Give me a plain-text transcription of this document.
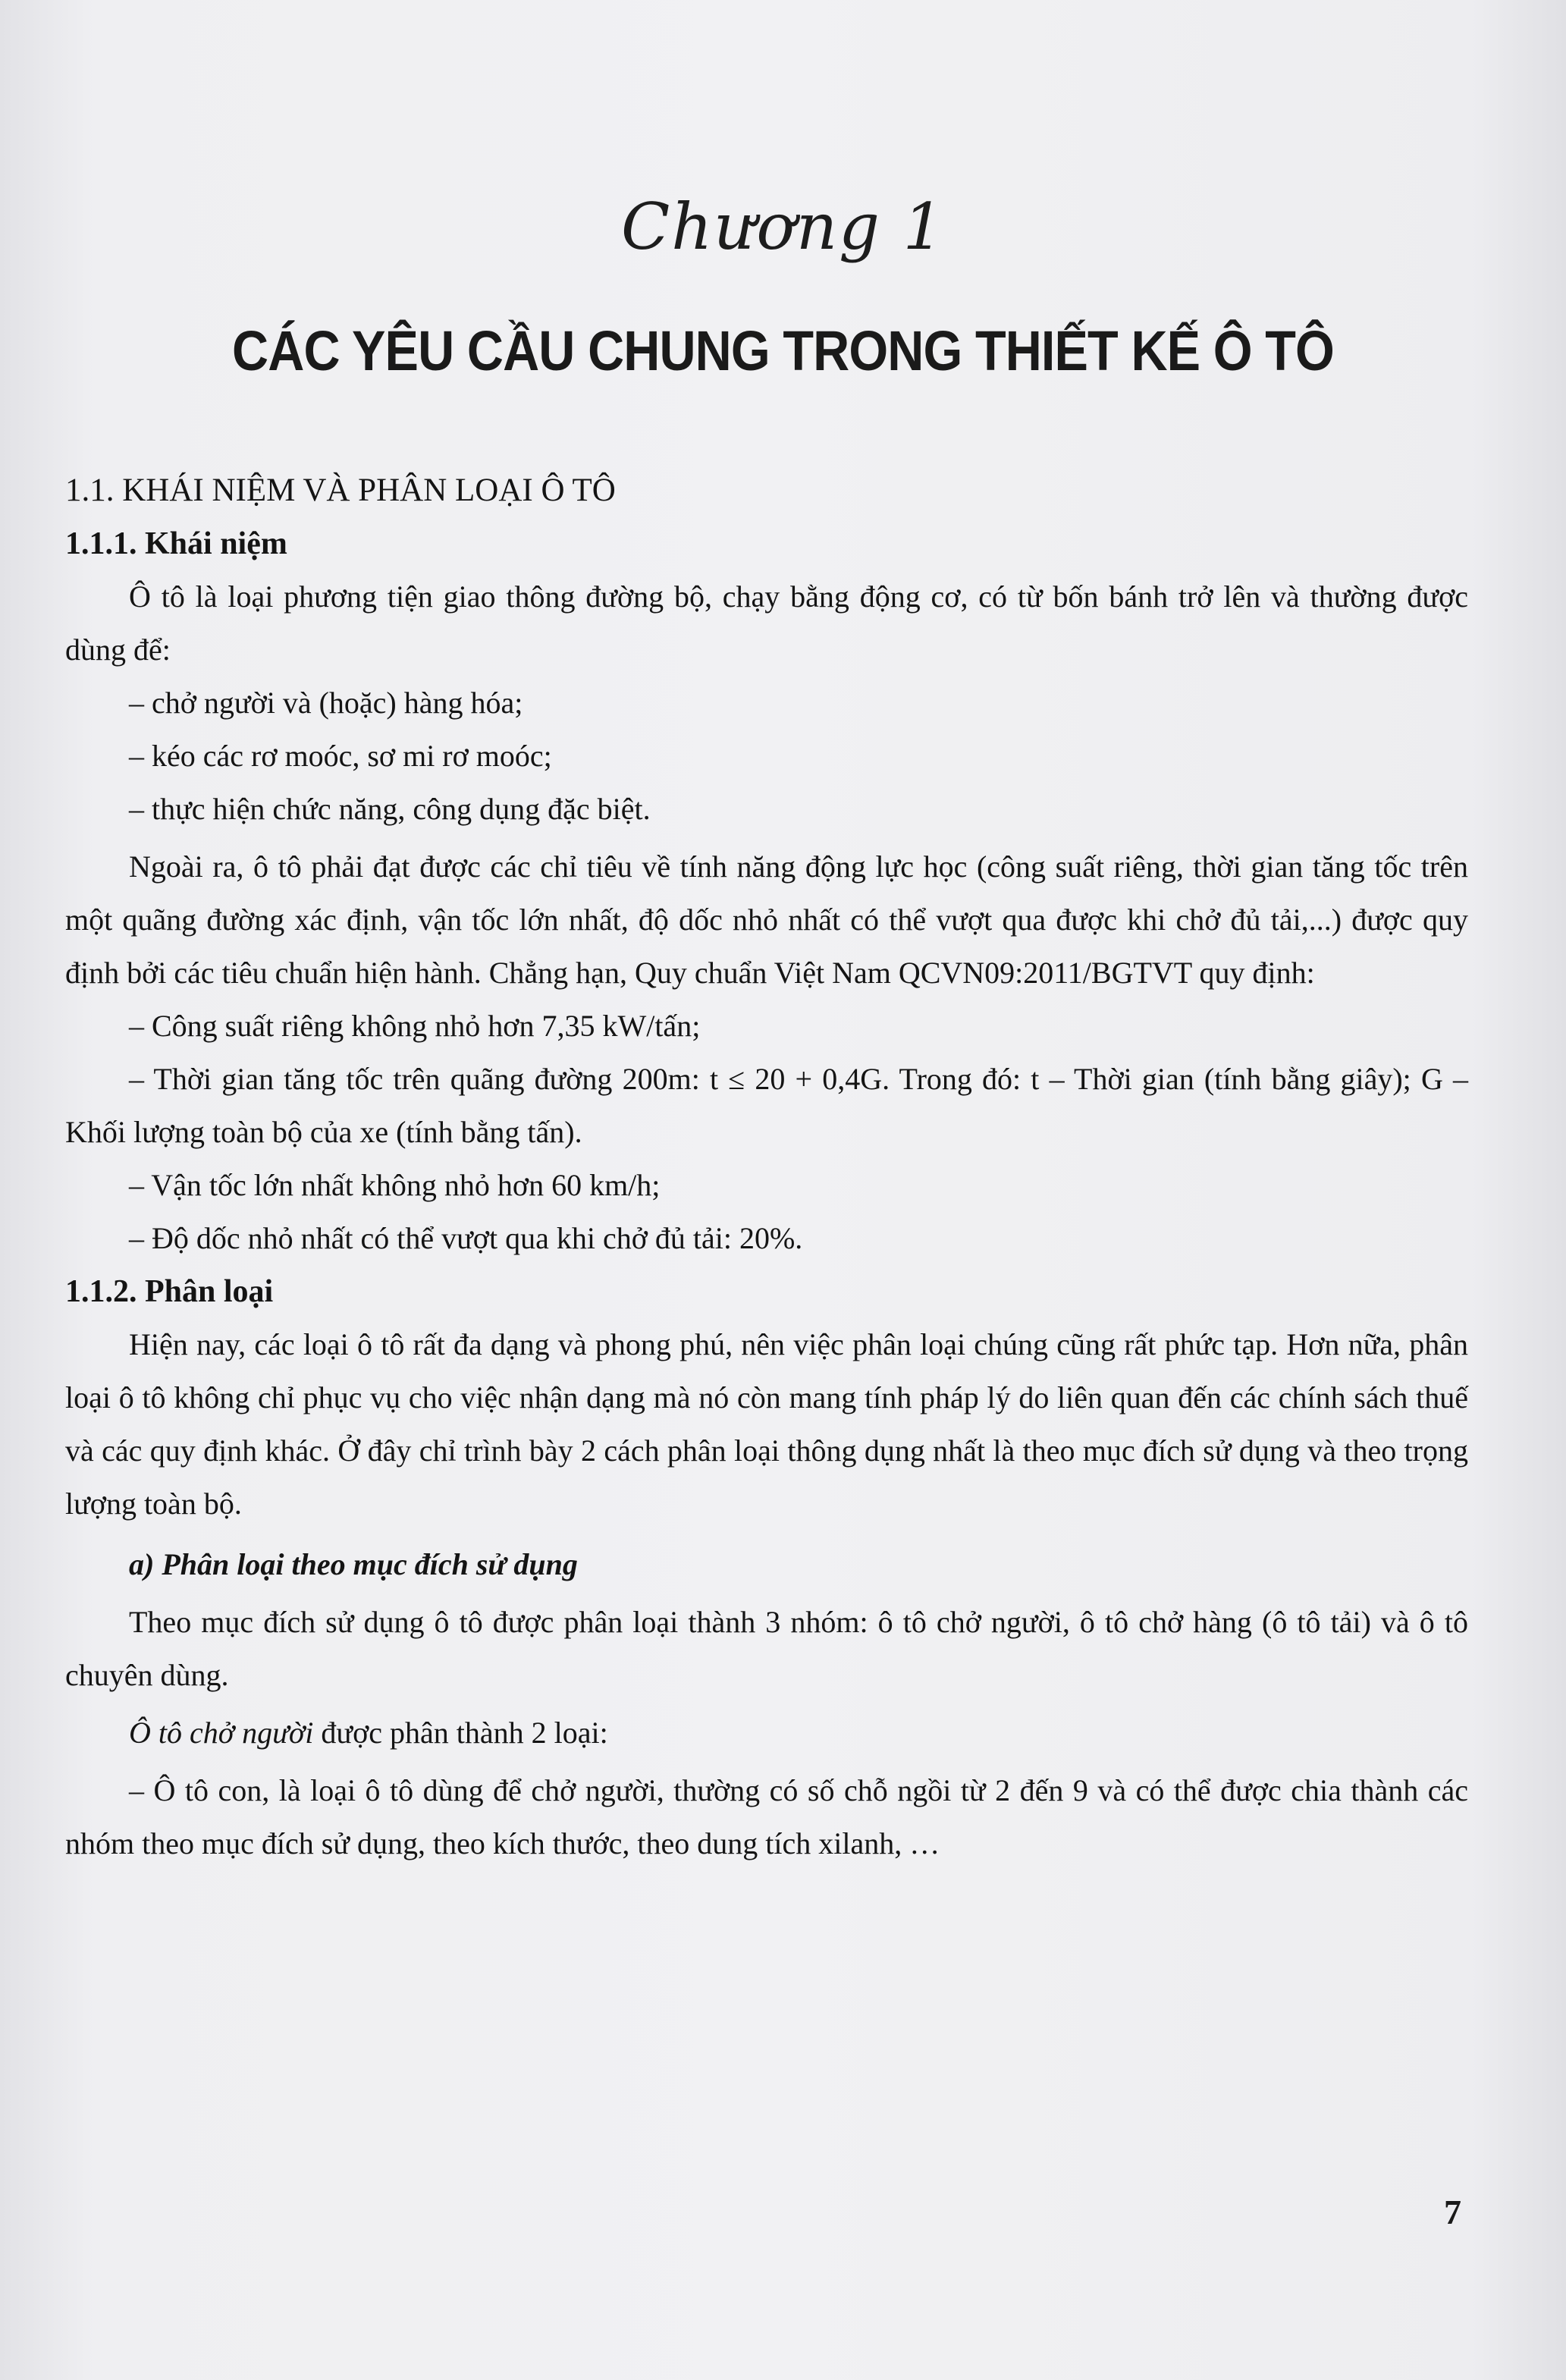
Chương 1
CÁC YÊU CẦU CHUNG TRONG THIẾT KẾ Ô TÔ

1.1. KHÁI NIỆM VÀ PHÂN LOẠI Ô TÔ

1.1.1. Khái niệm

Ô tô là loại phương tiện giao thông đường bộ, chạy bằng động cơ, có từ bốn bánh trở lên và thường được dùng để:

– chở người và (hoặc) hàng hóa;

– kéo các rơ moóc, sơ mi rơ moóc;

– thực hiện chức năng, công dụng đặc biệt.

Ngoài ra, ô tô phải đạt được các chỉ tiêu về tính năng động lực học (công suất riêng, thời gian tăng tốc trên một quãng đường xác định, vận tốc lớn nhất, độ dốc nhỏ nhất có thể vượt qua được khi chở đủ tải,...) được quy định bởi các tiêu chuẩn hiện hành. Chẳng hạn, Quy chuẩn Việt Nam QCVN09:2011/BGTVT quy định:

– Công suất riêng không nhỏ hơn 7,35 kW/tấn;

– Thời gian tăng tốc trên quãng đường 200m: t ≤ 20 + 0,4G. Trong đó: t – Thời gian (tính bằng giây); G – Khối lượng toàn bộ của xe (tính bằng tấn).

– Vận tốc lớn nhất không nhỏ hơn 60 km/h;

– Độ dốc nhỏ nhất có thể vượt qua khi chở đủ tải: 20%.

1.1.2. Phân loại

Hiện nay, các loại ô tô rất đa dạng và phong phú, nên việc phân loại chúng cũng rất phức tạp. Hơn nữa, phân loại ô tô không chỉ phục vụ cho việc nhận dạng mà nó còn mang tính pháp lý do liên quan đến các chính sách thuế và các quy định khác. Ở đây chỉ trình bày 2 cách phân loại thông dụng nhất là theo mục đích sử dụng và theo trọng lượng toàn bộ.

a) Phân loại theo mục đích sử dụng

Theo mục đích sử dụng ô tô được phân loại thành 3 nhóm: ô tô chở người, ô tô chở hàng (ô tô tải) và ô tô chuyên dùng.

Ô tô chở người được phân thành 2 loại:

– Ô tô con, là loại ô tô dùng để chở người, thường có số chỗ ngồi từ 2 đến 9 và có thể được chia thành các nhóm theo mục đích sử dụng, theo kích thước, theo dung tích xilanh, …

7
